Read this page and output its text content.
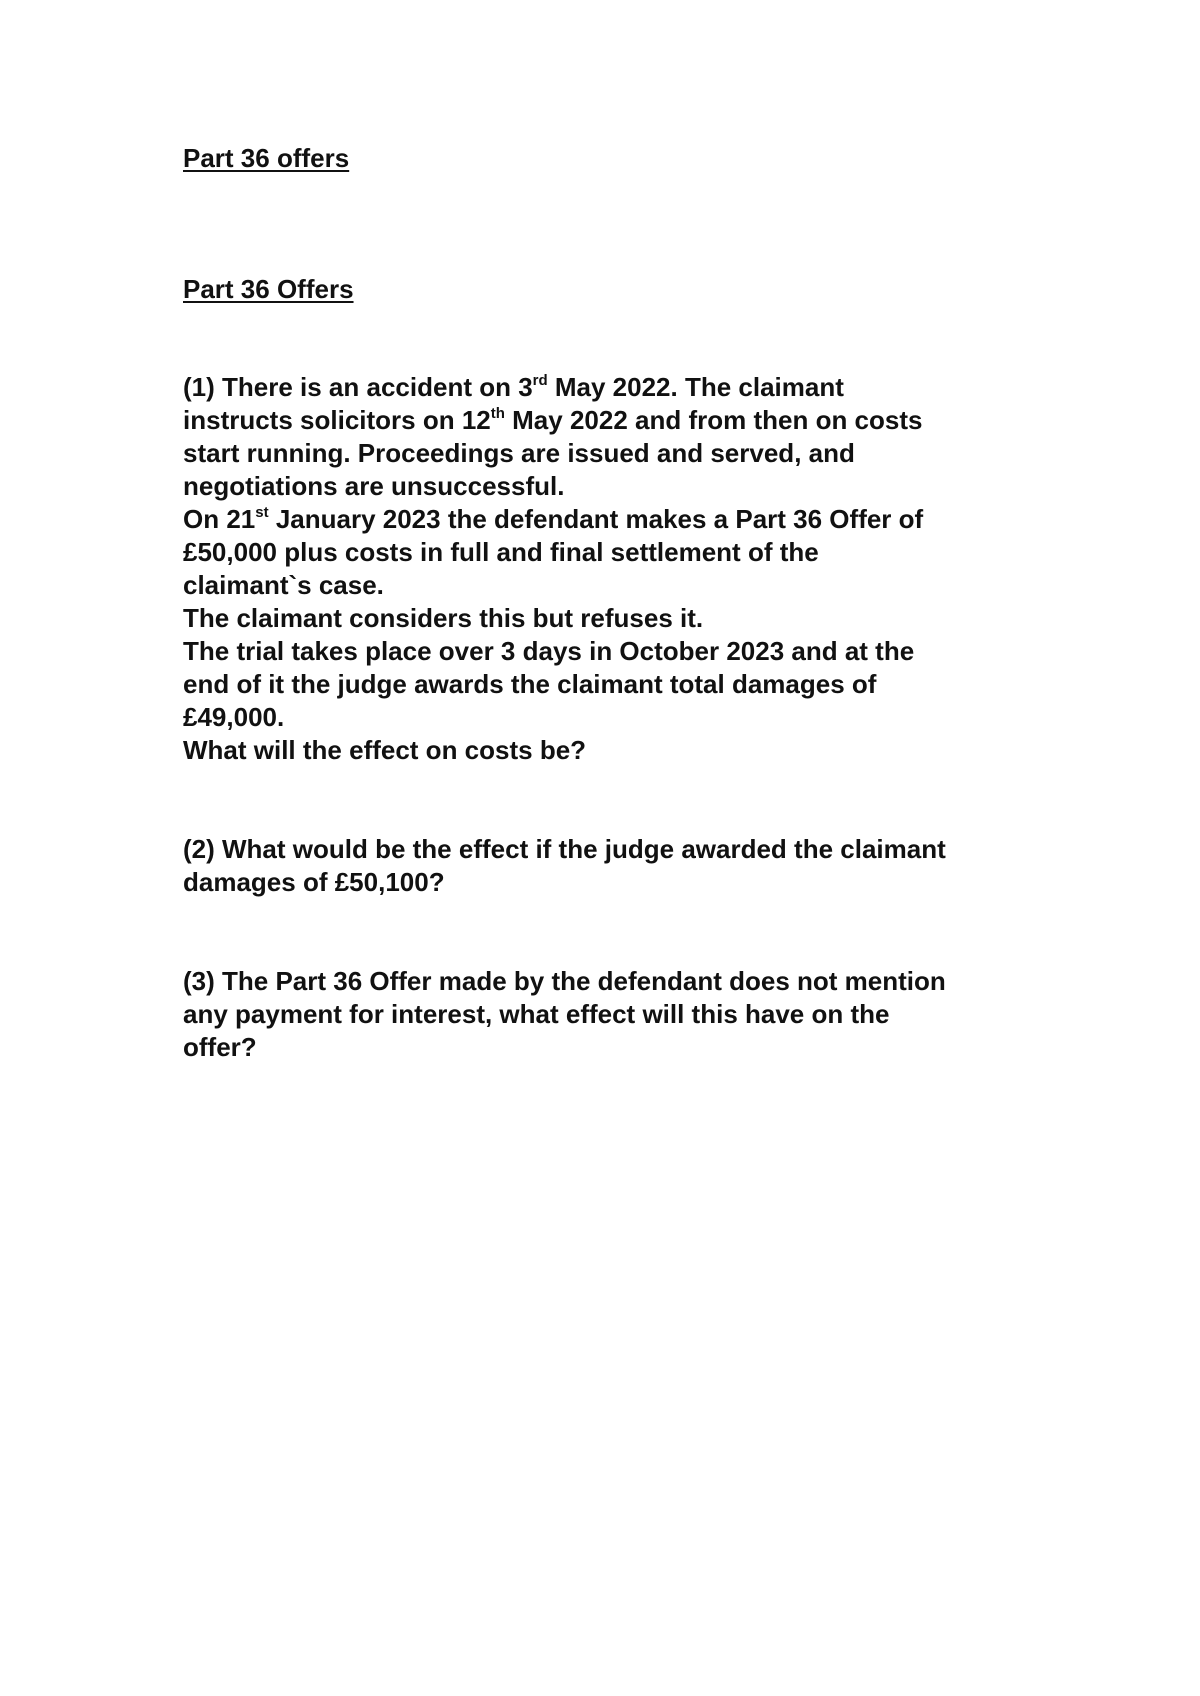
Part 36 offers

Part 36 Offers

(1) There is an accident on 3rd May 2022. The claimant
instructs solicitors on 12th May 2022 and from then on costs
start running. Proceedings are issued and served, and
negotiations are unsuccessful.
On 21st January 2023 the defendant makes a Part 36 Offer of
£50,000 plus costs in full and final settlement of the
claimant`s case.
The claimant considers this but refuses it.
The trial takes place over 3 days in October 2023 and at the
end of it the judge awards the claimant total damages of
£49,000.
What will the effect on costs be?
(2) What would be the effect if the judge awarded the claimant
damages of £50,100?
(3) The Part 36 Offer made by the defendant does not mention
any payment for interest, what effect will this have on the
offer?
